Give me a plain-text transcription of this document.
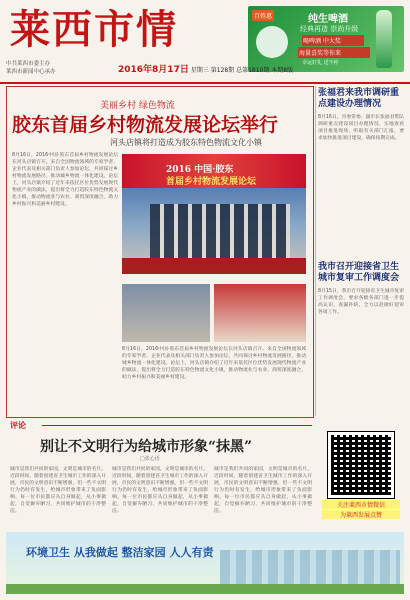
莱西市情	百姓惠	纯生啤酒
经典再造 崇尚升级
喝啤酒 中大奖
海量喜奖等你来
幸运好礼 送不停
中共莱西市委主办
莱西市新闻中心承办	2016年8月17日 星期三 第128期 总第1810期 本期8版
美丽乡村 绿色物流
胶东首届乡村物流发展论坛举行
河头店镇将打造成为胶东特色物流文化小镇
8月16日，2016中国·胶东首届乡村物流发展论坛在河头店镇召开。来自全国物流领域的专家学者、企业代表及相关部门负责人参加论坛，共同探讨乡村物流发展路径，推动城乡物流一体化建设。论坛上，河头店镇介绍了近年来依托区位优势发展现代物流产业的做法，提出将全力打造胶东特色物流文化小镇，推动物流业与农业、商贸深度融合，助力乡村振兴和美丽乡村建设。
2016 中国·胶东
首届乡村物流发展论坛
8月16日，2016中国·胶东首届乡村物流发展论坛在河头店镇召开。来自全国物流领域的专家学者、企业代表及相关部门负责人参加论坛，共同探讨乡村物流发展路径，推动城乡物流一体化建设。论坛上，河头店镇介绍了近年来依托区位优势发展现代物流产业的做法，提出将全力打造胶东特色物流文化小镇，推动物流业与农业、商贸深度融合，助力乡村振兴和美丽乡村建设。
张福君来我市调研重点建设办理情况
8月16日，市委常委、副市长张福君带队调研重点建设项目办理情况，实地查看项目推进现场，听取有关部门汇报，要求加快推进项目建设，确保按期完成。
我市召开迎接省卫生城市复审工作调度会
8月15日，我市召开迎接省卫生城市复审工作调度会，要求各级各部门进一步提高认识，查漏补缺，全力以赴做好迎审各项工作。
评论
别让不文明行为给城市形象“抹黑”
□张心语
城市是我们共同的家园，文明是城市的名片。近段时间，随着创建省卫生城市工作的深入开展，市民的文明意识不断增强，但一些不文明行为仍时有发生，给城市形象带来了负面影响。每一位市民都应从自身做起，从小事做起，自觉摒弃陋习，共同维护城市的干净整洁。
城市是我们共同的家园，文明是城市的名片。近段时间，随着创建省卫生城市工作的深入开展，市民的文明意识不断增强，但一些不文明行为仍时有发生，给城市形象带来了负面影响。每一位市民都应从自身做起，从小事做起，自觉摒弃陋习，共同维护城市的干净整洁。
城市是我们共同的家园，文明是城市的名片。近段时间，随着创建省卫生城市工作的深入开展，市民的文明意识不断增强，但一些不文明行为仍时有发生，给城市形象带来了负面影响。每一位市民都应从自身做起，从小事做起，自觉摒弃陋习，共同维护城市的干净整洁。
关注莱西市情微信
为莱西发展点赞
环境卫生 从我做起 整洁家园 人人有责
